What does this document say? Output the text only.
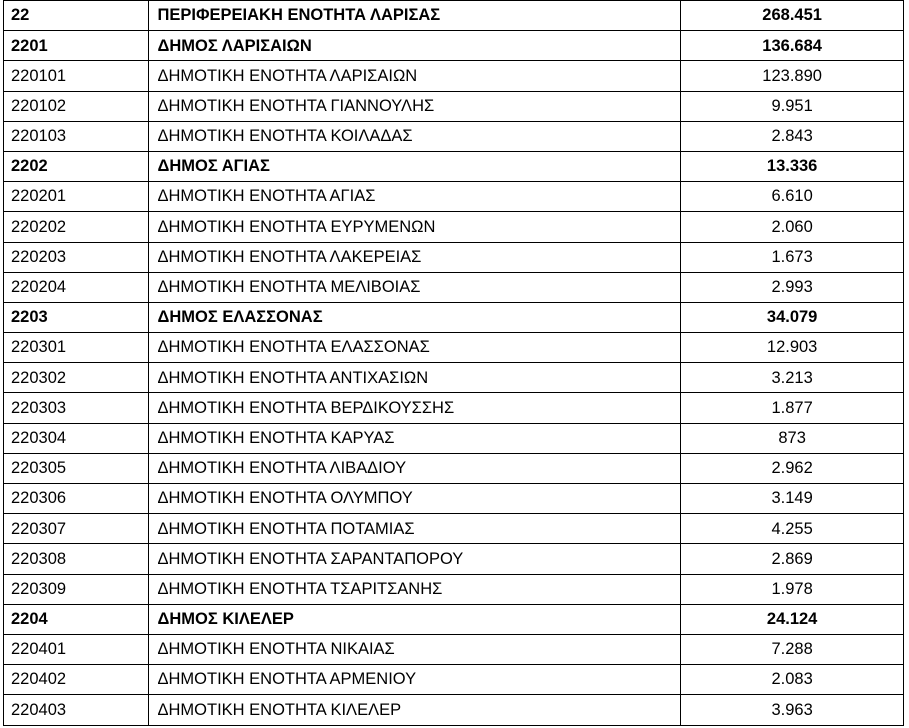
22	ΠΕΡΙΦΕΡΕΙΑΚΗ ΕΝΟΤΗΤΑ ΛΑΡΙΣΑΣ	268.451
2201	ΔΗΜΟΣ ΛΑΡΙΣΑΙΩΝ	136.684
220101	ΔΗΜΟΤΙΚΗ ΕΝΟΤΗΤΑ ΛΑΡΙΣΑΙΩΝ	123.890
220102	ΔΗΜΟΤΙΚΗ ΕΝΟΤΗΤΑ ΓΙΑΝΝΟΥΛΗΣ	9.951
220103	ΔΗΜΟΤΙΚΗ ΕΝΟΤΗΤΑ ΚΟΙΛΑΔΑΣ	2.843
2202	ΔΗΜΟΣ ΑΓΙΑΣ	13.336
220201	ΔΗΜΟΤΙΚΗ ΕΝΟΤΗΤΑ ΑΓΙΑΣ	6.610
220202	ΔΗΜΟΤΙΚΗ ΕΝΟΤΗΤΑ ΕΥΡΥΜΕΝΩΝ	2.060
220203	ΔΗΜΟΤΙΚΗ ΕΝΟΤΗΤΑ ΛΑΚΕΡΕΙΑΣ	1.673
220204	ΔΗΜΟΤΙΚΗ ΕΝΟΤΗΤΑ ΜΕΛΙΒΟΙΑΣ	2.993
2203	ΔΗΜΟΣ ΕΛΑΣΣΟΝΑΣ	34.079
220301	ΔΗΜΟΤΙΚΗ ΕΝΟΤΗΤΑ ΕΛΑΣΣΟΝΑΣ	12.903
220302	ΔΗΜΟΤΙΚΗ ΕΝΟΤΗΤΑ ΑΝΤΙΧΑΣΙΩΝ	3.213
220303	ΔΗΜΟΤΙΚΗ ΕΝΟΤΗΤΑ ΒΕΡΔΙΚΟΥΣΣΗΣ	1.877
220304	ΔΗΜΟΤΙΚΗ ΕΝΟΤΗΤΑ ΚΑΡΥΑΣ	873
220305	ΔΗΜΟΤΙΚΗ ΕΝΟΤΗΤΑ ΛΙΒΑΔΙΟΥ	2.962
220306	ΔΗΜΟΤΙΚΗ ΕΝΟΤΗΤΑ ΟΛΥΜΠΟΥ	3.149
220307	ΔΗΜΟΤΙΚΗ ΕΝΟΤΗΤΑ ΠΟΤΑΜΙΑΣ	4.255
220308	ΔΗΜΟΤΙΚΗ ΕΝΟΤΗΤΑ ΣΑΡΑΝΤΑΠΟΡΟΥ	2.869
220309	ΔΗΜΟΤΙΚΗ ΕΝΟΤΗΤΑ ΤΣΑΡΙΤΣΑΝΗΣ	1.978
2204	ΔΗΜΟΣ ΚΙΛΕΛΕΡ	24.124
220401	ΔΗΜΟΤΙΚΗ ΕΝΟΤΗΤΑ ΝΙΚΑΙΑΣ	7.288
220402	ΔΗΜΟΤΙΚΗ ΕΝΟΤΗΤΑ ΑΡΜΕΝΙΟΥ	2.083
220403	ΔΗΜΟΤΙΚΗ ΕΝΟΤΗΤΑ ΚΙΛΕΛΕΡ	3.963
